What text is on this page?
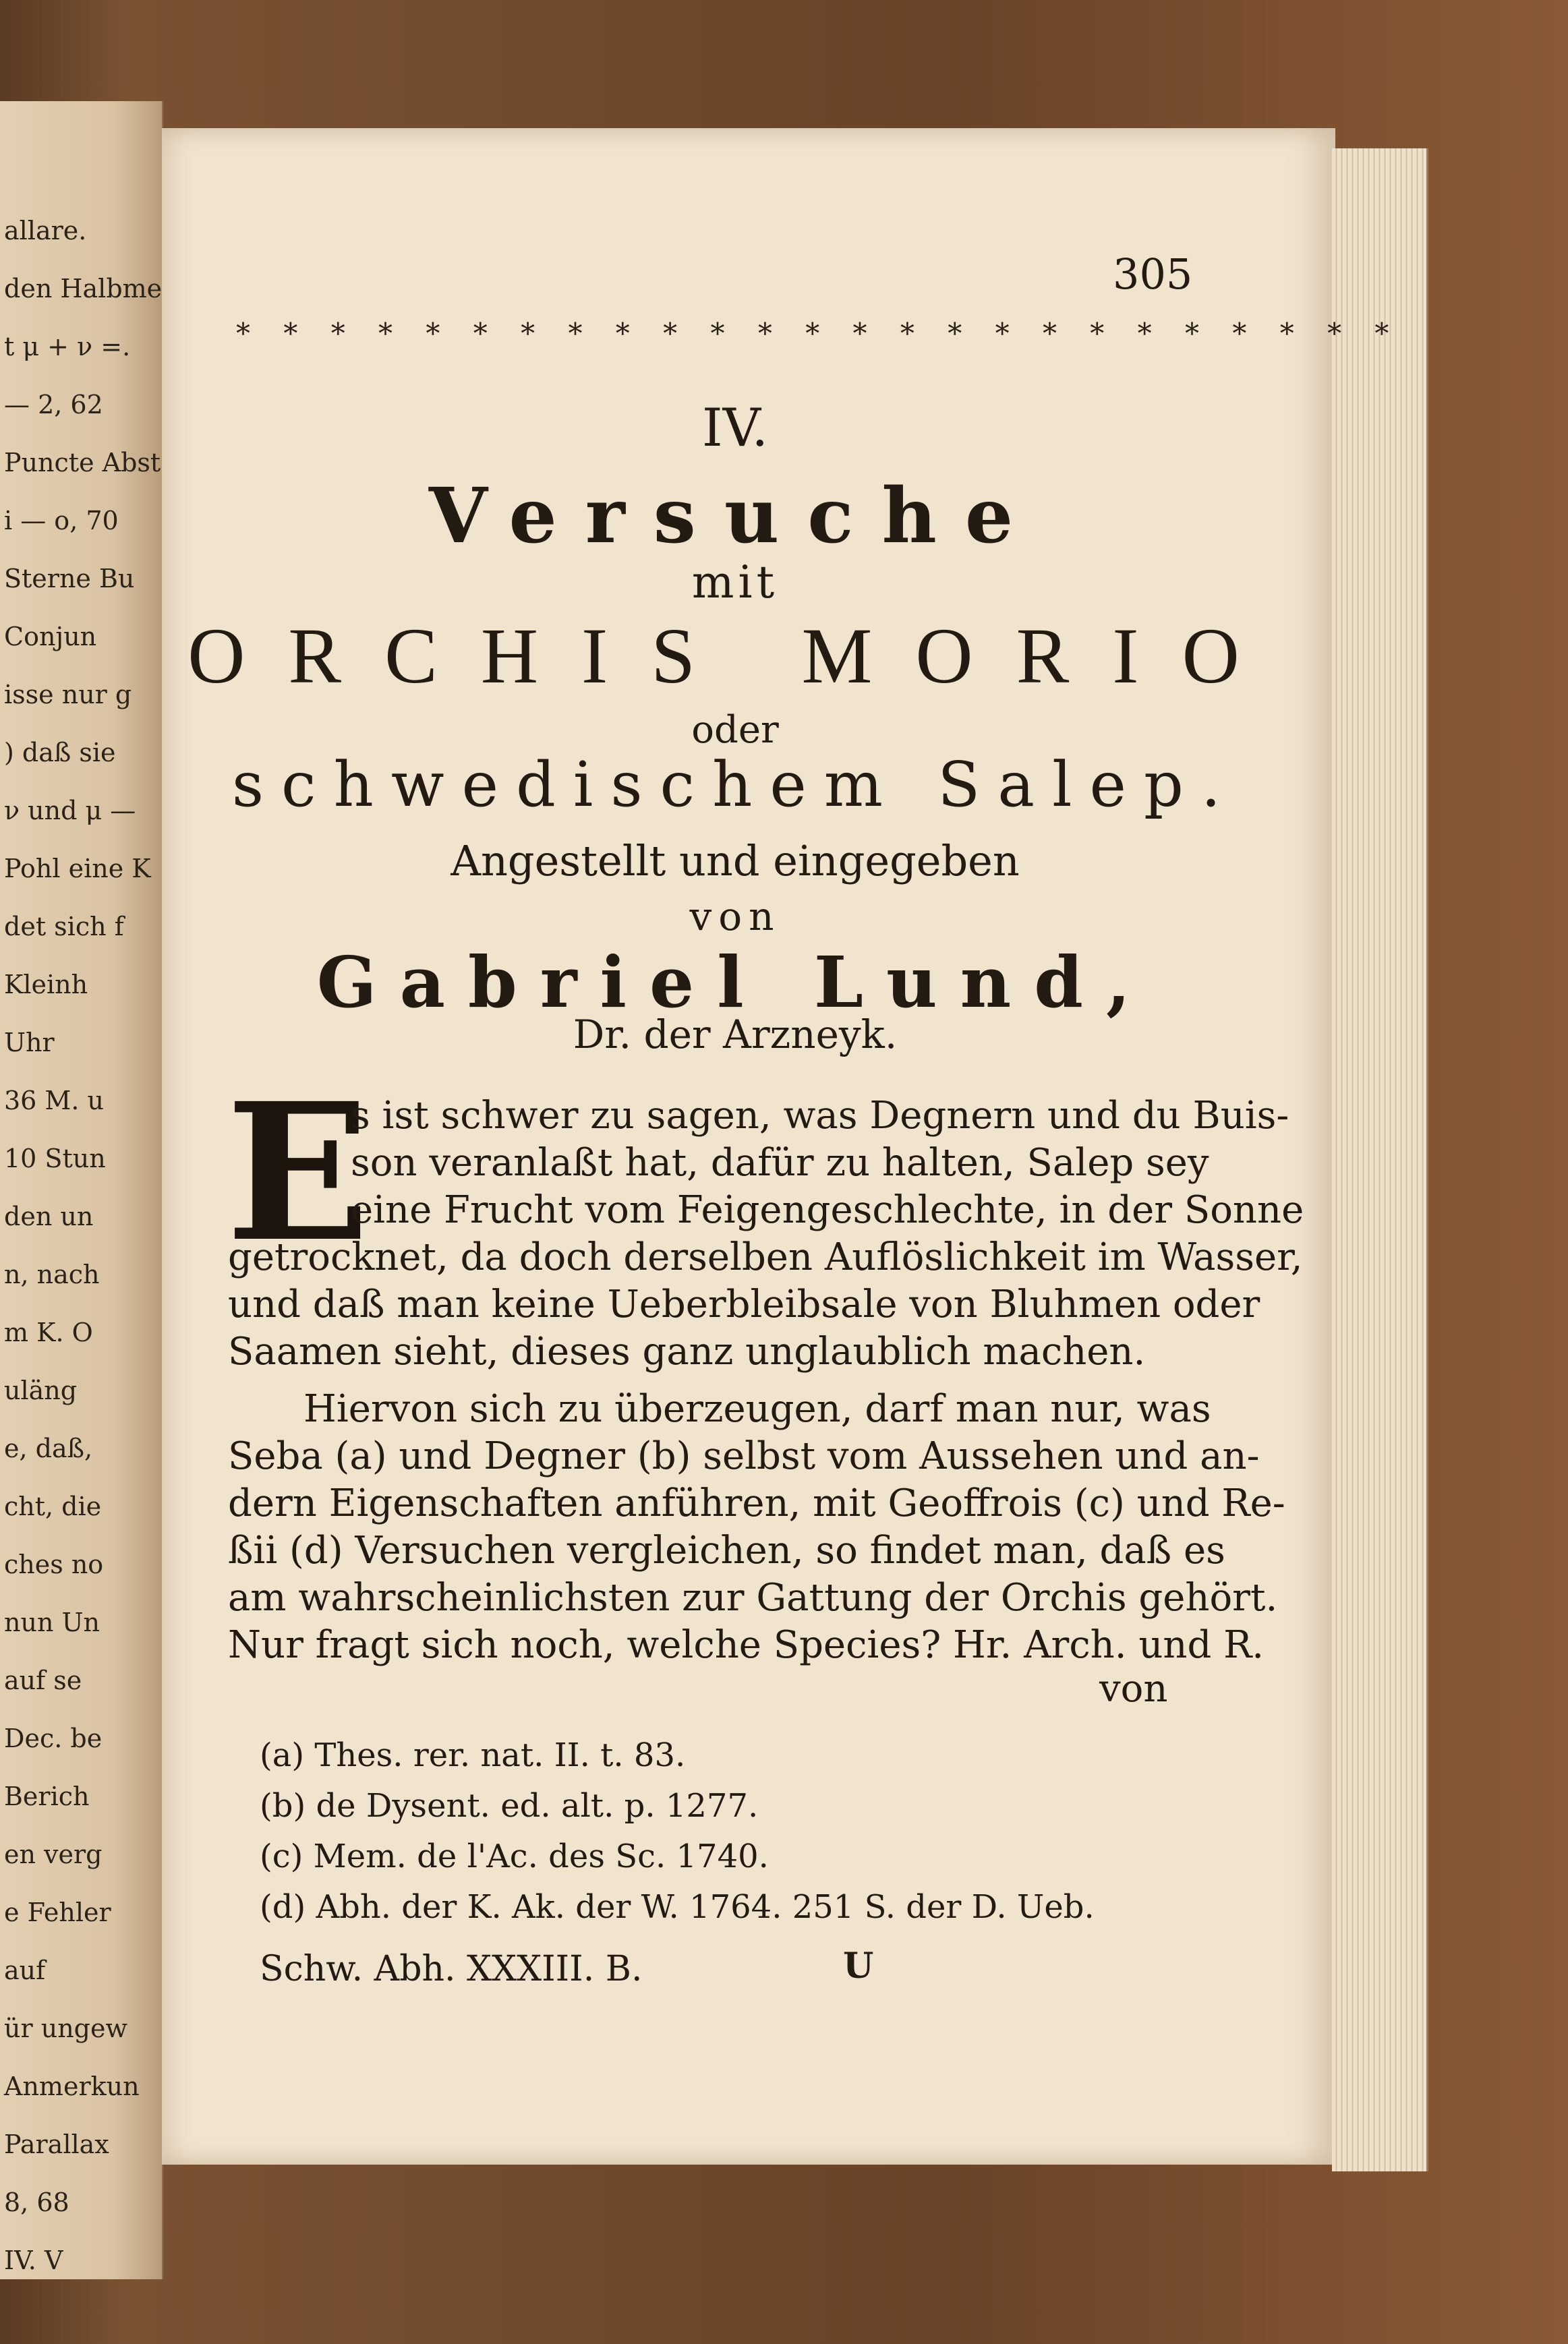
allare.
den Halbme
t μ + ν =.
— 2, 62
Puncte Abst
i — o, 70
Sterne Bu
Conjun
isse nur g
) daß sie
ν und μ —
Pohl eine K
det sich f
Kleinh
Uhr
36 M. u
10 Stun
den un
n, nach
m K. O
uläng
e, daß,
cht, die
ches no
nun Un
auf se
Dec. be
Berich
en verg
e Fehler
auf
ür ungew
Anmerkun
Parallax
8, 68
IV. V
305
* * * * * * * * * * * * * * * * * * * * * * * * *
IV.
Versuche
mit
ORCHIS MORIO
oder
schwedischem Salep.
Angestellt und eingegeben
von
Gabriel Lund,
Dr. der Arzneyk.
E
s ist schwer zu sagen, was Degnern und du Buis-
son veranlaßt hat, dafür zu halten, Salep sey
eine Frucht vom Feigengeschlechte, in der Sonne
getrocknet, da doch derselben Auflöslichkeit im Wasser,
und daß man keine Ueberbleibsale von Bluhmen oder
Saamen sieht, dieses ganz unglaublich machen.
Hiervon sich zu überzeugen, darf man nur, was
Seba (a) und Degner (b) selbst vom Aussehen und an-
dern Eigenschaften anführen, mit Geoffrois (c) und Re-
ßii (d) Versuchen vergleichen, so findet man, daß es
am wahrscheinlichsten zur Gattung der Orchis gehört.
Nur fragt sich noch, welche Species? Hr. Arch. und R.
von
(a) Thes. rer. nat. II. t. 83.
(b) de Dysent. ed. alt. p. 1277.
(c) Mem. de l'Ac. des Sc. 1740.
(d) Abh. der K. Ak. der W. 1764. 251 S. der D. Ueb.
Schw. Abh. XXXIII. B.	U
